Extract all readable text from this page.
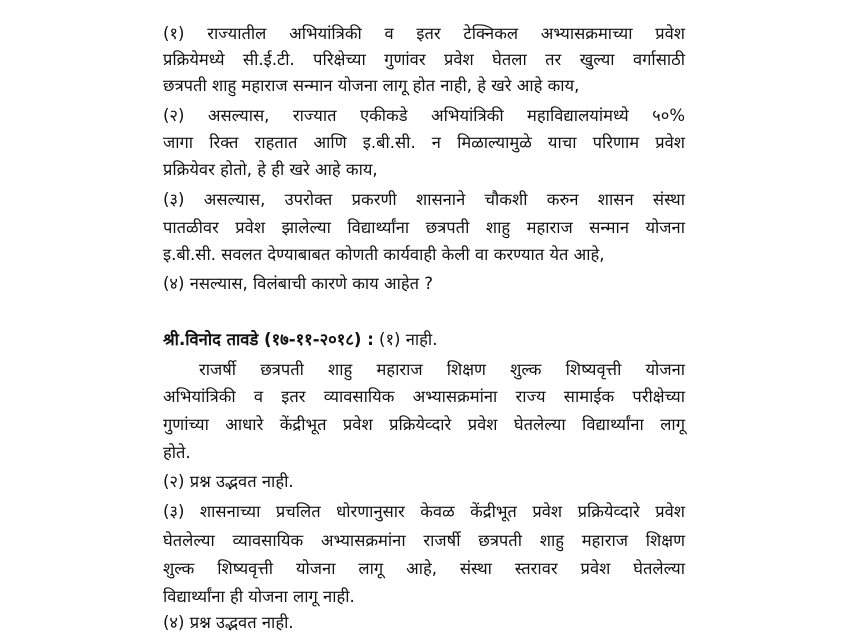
(१) राज्यातील अभियांत्रिकी व इतर टेक्निकल अभ्यासक्रमाच्या प्रवेश
प्रक्रियेमध्ये सी.ई.टी. परिक्षेच्या गुणांवर प्रवेश घेतला तर खुल्या वर्गासाठी
छत्रपती शाहु महाराज सन्मान योजना लागू होत नाही, हे खरे आहे काय,
(२) असल्यास, राज्यात एकीकडे अभियांत्रिकी महाविद्यालयांमध्ये ५०%
जागा रिक्त राहतात आणि इ.बी.सी. न मिळाल्यामुळे याचा परिणाम प्रवेश
प्रक्रियेवर होतो, हे ही खरे आहे काय,
(३) असल्यास, उपरोक्त प्रकरणी शासनाने चौकशी करुन शासन संस्था
पातळीवर प्रवेश झालेल्या विद्यार्थ्यांना छत्रपती शाहु महाराज सन्मान योजना
इ.बी.सी. सवलत देण्याबाबत कोणती कार्यवाही केली वा करण्यात येत आहे,
(४) नसल्यास, विलंबाची कारणे काय आहेत ?
श्री.विनोद तावडे (१७-११-२०१८) : (१) नाही.
राजर्षी छत्रपती शाहु महाराज शिक्षण शुल्क शिष्यवृत्ती योजना
अभियांत्रिकी व इतर व्यावसायिक अभ्यासक्रमांना राज्य सामाईक परीक्षेच्या
गुणांच्या आधारे केंद्रीभूत प्रवेश प्रक्रियेव्दारे प्रवेश घेतलेल्या विद्यार्थ्यांना लागू
होते.
(२) प्रश्न उद्भवत नाही.
(३) शासनाच्या प्रचलित धोरणानुसार केवळ केंद्रीभूत प्रवेश प्रक्रियेव्दारे प्रवेश
घेतलेल्या व्यावसायिक अभ्यासक्रमांना राजर्षी छत्रपती शाहु महाराज शिक्षण
शुल्क शिष्यवृत्ती योजना लागू आहे, संस्था स्तरावर प्रवेश घेतलेल्या
विद्यार्थ्यांना ही योजना लागू नाही.
(४) प्रश्न उद्भवत नाही.
